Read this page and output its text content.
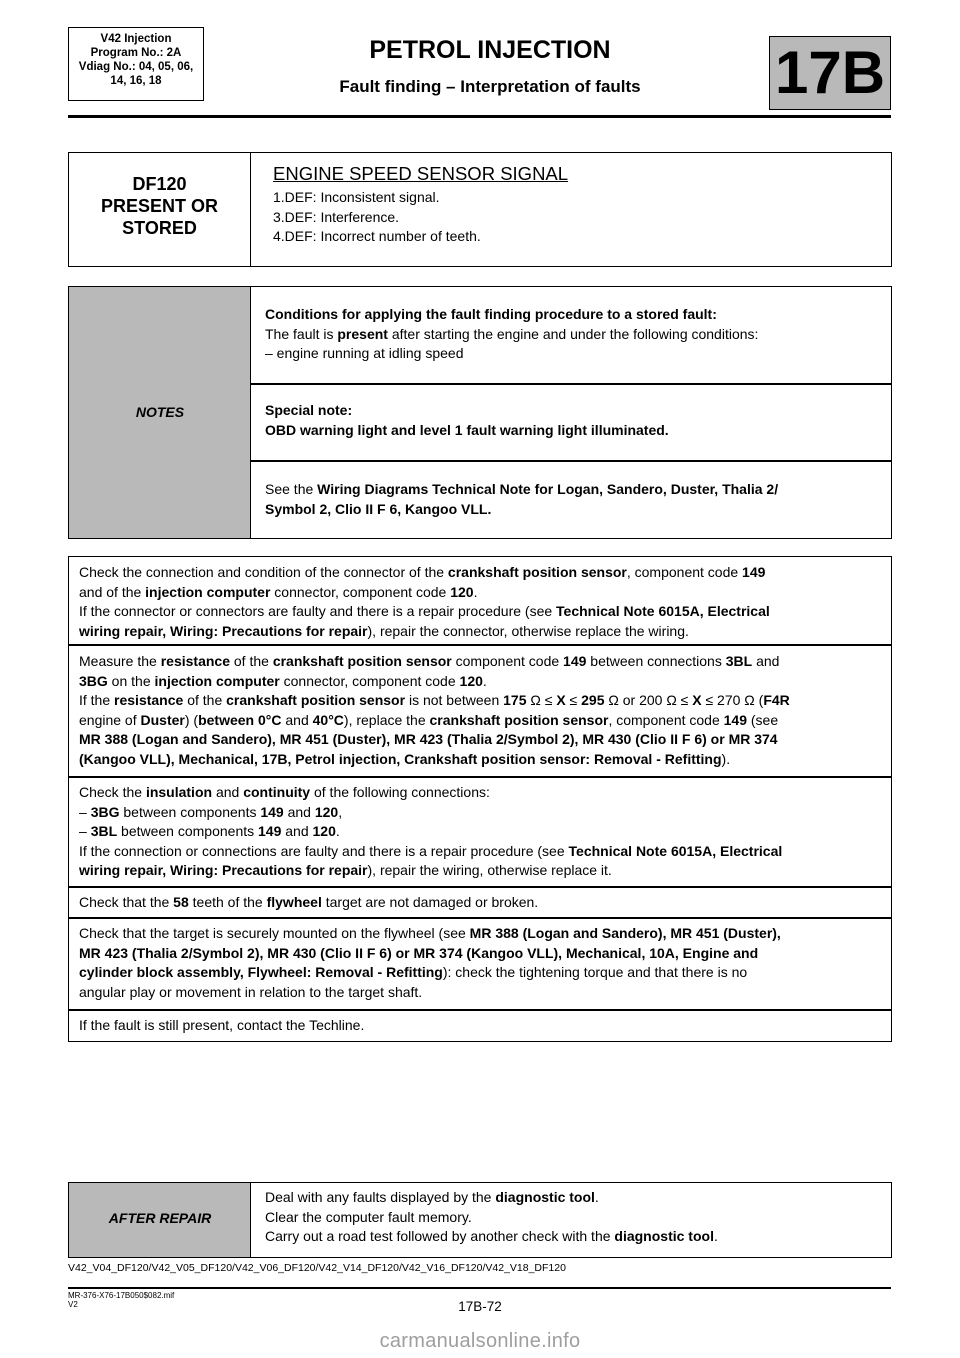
V42 Injection
Program No.: 2A
Vdiag No.: 04, 05, 06,
14, 16, 18
PETROL INJECTION
Fault finding – Interpretation of faults	17B
DF120
PRESENT OR
STORED
ENGINE SPEED SENSOR SIGNAL
1.DEF: Inconsistent signal.
3.DEF: Interference.
4.DEF: Incorrect number of teeth.
NOTES
Conditions for applying the fault finding procedure to a stored fault:
The fault is present after starting the engine and under the following conditions:
– engine running at idling speed
Special note:
OBD warning light and level 1 fault warning light illuminated.
See the Wiring Diagrams Technical Note for Logan, Sandero, Duster, Thalia 2/
Symbol 2, Clio II F 6, Kangoo VLL.
Check the connection and condition of the connector of the crankshaft position sensor, component code 149
and of the injection computer connector, component code 120.
If the connector or connectors are faulty and there is a repair procedure (see Technical Note 6015A, Electrical
wiring repair, Wiring: Precautions for repair), repair the connector, otherwise replace the wiring.
Measure the resistance of the crankshaft position sensor component code 149 between connections 3BL and
3BG on the injection computer connector, component code 120.
If the resistance of the crankshaft position sensor is not between 175 Ω ≤ X ≤ 295 Ω or 200 Ω ≤ X ≤ 270 Ω (F4R
engine of Duster) (between 0°C and 40°C), replace the crankshaft position sensor, component code 149 (see
MR 388 (Logan and Sandero), MR 451 (Duster), MR 423 (Thalia 2/Symbol 2), MR 430 (Clio II F 6) or MR 374
(Kangoo VLL), Mechanical, 17B, Petrol injection, Crankshaft position sensor: Removal - Refitting).
Check the insulation and continuity of the following connections:
– 3BG between components 149 and 120,
– 3BL between components 149 and 120.
If the connection or connections are faulty and there is a repair procedure (see Technical Note 6015A, Electrical
wiring repair, Wiring: Precautions for repair), repair the wiring, otherwise replace it.
Check that the 58 teeth of the flywheel target are not damaged or broken.
Check that the target is securely mounted on the flywheel (see MR 388 (Logan and Sandero), MR 451 (Duster),
MR 423 (Thalia 2/Symbol 2), MR 430 (Clio II F 6) or MR 374 (Kangoo VLL), Mechanical, 10A, Engine and
cylinder block assembly, Flywheel: Removal - Refitting): check the tightening torque and that there is no
angular play or movement in relation to the target shaft.
If the fault is still present, contact the Techline.
AFTER REPAIR
Deal with any faults displayed by the diagnostic tool.
Clear the computer fault memory.
Carry out a road test followed by another check with the diagnostic tool.
V42_V04_DF120/V42_V05_DF120/V42_V06_DF120/V42_V14_DF120/V42_V16_DF120/V42_V18_DF120
MR-376-X76-17B050$082.mif
V2	17B-72
carmanualsonline.info
